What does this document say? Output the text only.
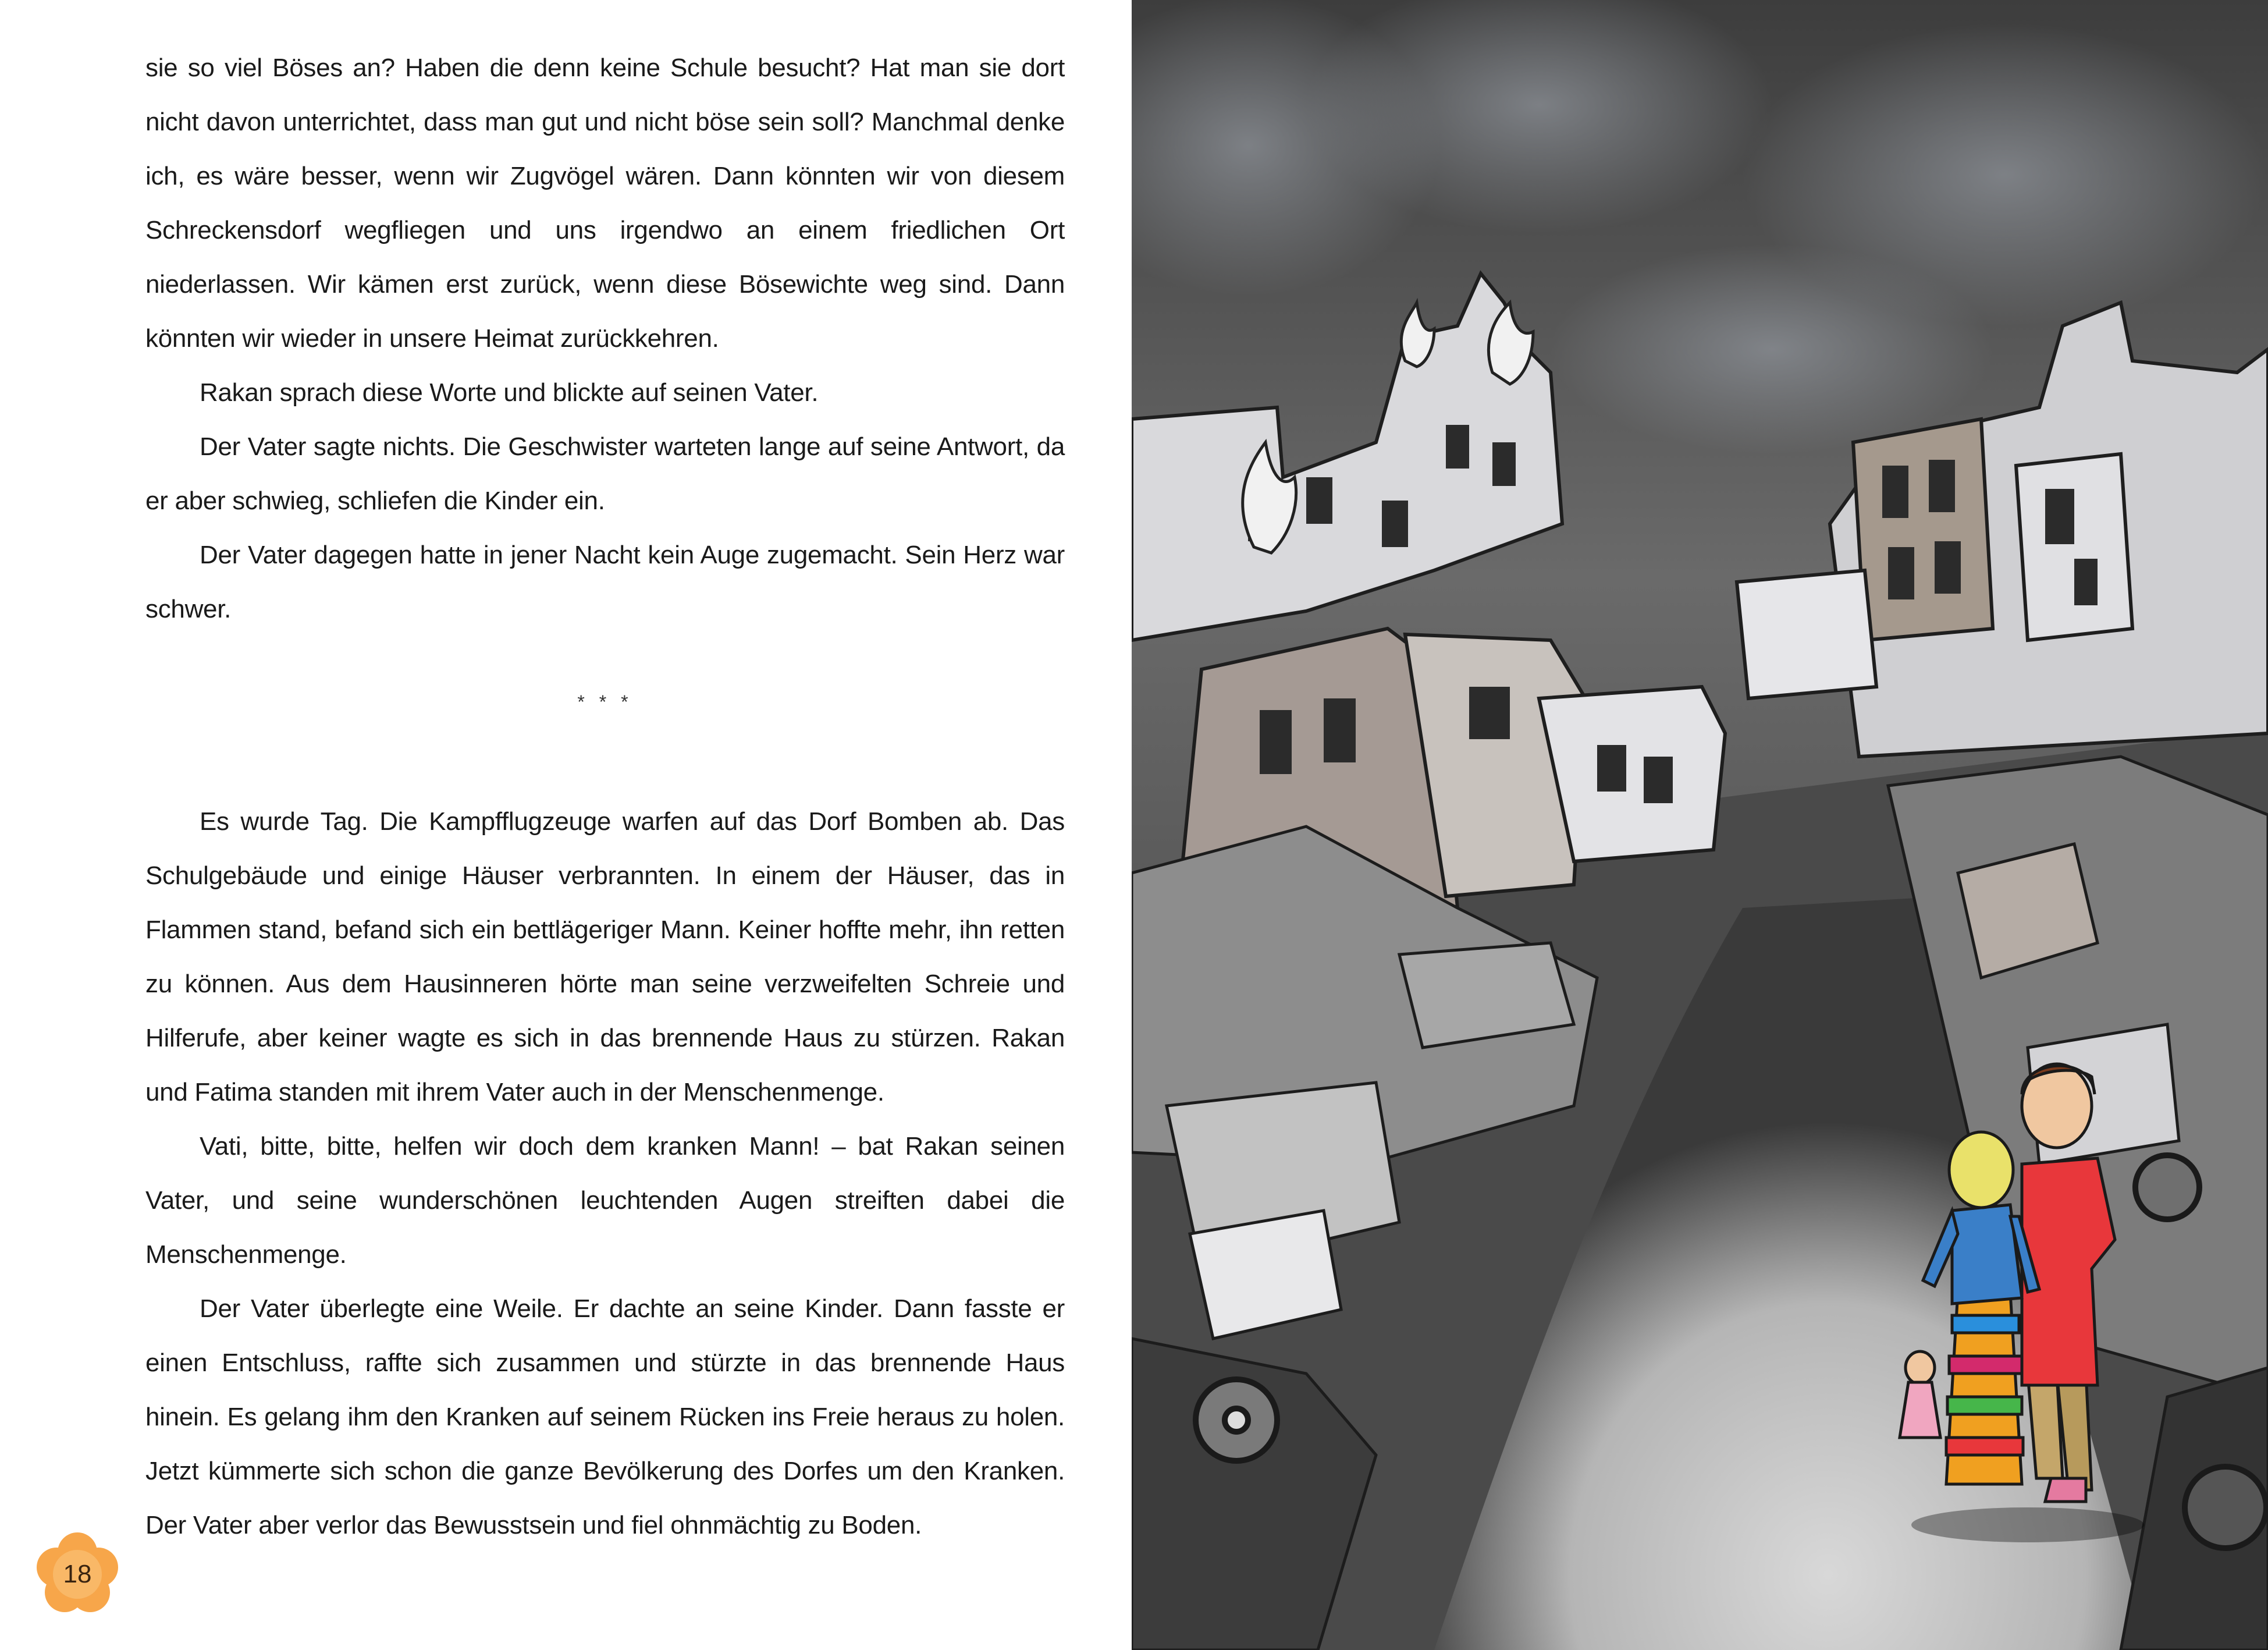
sie so viel Böses an? Haben die denn keine Schule besucht? Hat man sie dort nicht davon unterrichtet, dass man gut und nicht böse sein soll? Manchmal denke ich, es wäre besser, wenn wir Zugvögel wären. Dann könnten wir von diesem Schreckensdorf wegfliegen und uns irgendwo an einem friedlichen Ort niederlassen. Wir kämen erst zurück, wenn diese Bösewichte weg sind. Dann könnten wir wieder in unsere Heimat zurückkehren.

Rakan sprach diese Worte und blickte auf seinen Vater.

Der Vater sagte nichts. Die Geschwister warteten lange auf seine Antwort, da er aber schwieg, schliefen die Kinder ein.

Der Vater dagegen hatte in jener Nacht kein Auge zugemacht. Sein Herz war schwer.

* * *

Es wurde Tag. Die Kampfflugzeuge warfen auf das Dorf Bomben ab. Das Schulgebäude und einige Häuser verbrannten. In einem der Häuser, das in Flammen stand, befand sich ein bettlägeriger Mann. Keiner hoffte mehr, ihn retten zu können. Aus dem Hausinneren hörte man seine verzweifelten Schreie und Hilferufe, aber keiner wagte es sich in das brennende Haus zu stürzen. Rakan und Fatima standen mit ihrem Vater auch in der Menschenmenge.

Vati, bitte, bitte, helfen wir doch dem kranken Mann! – bat Rakan seinen Vater, und seine wunderschönen leuchtenden Augen streiften dabei die Menschenmenge.

Der Vater überlegte eine Weile. Er dachte an seine Kinder. Dann fasste er einen Entschluss, raffte sich zusammen und stürzte in das brennende Haus hinein. Es gelang ihm den Kranken auf seinem Rücken ins Freie heraus zu holen. Jetzt kümmerte sich schon die ganze Bevölkerung des Dorfes um den Kranken. Der Vater aber verlor das Bewusstsein und fiel ohnmächtig zu Boden.

18
